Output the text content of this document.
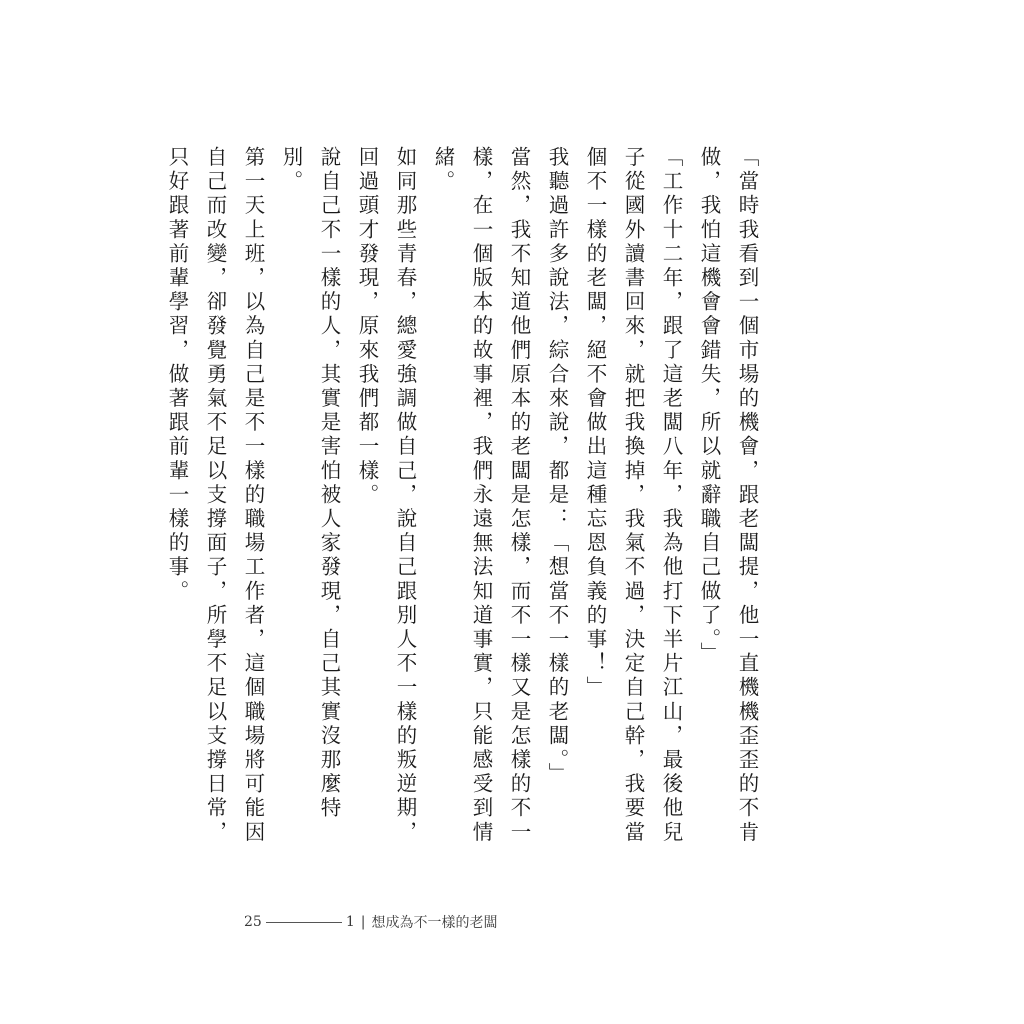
「當時我看到一個市場的機會，跟老闆提，他一直機機歪歪的不肯做，我怕這機會會錯失，所以就辭職自己做了。」

「工作十二年，跟了這老闆八年，我為他打下半片江山，最後他兒子從國外讀書回來，就把我換掉，我氣不過，決定自己幹，我要當個不一樣的老闆，絕不會做出這種忘恩負義的事！」

我聽過許多說法，綜合來說，都是：「想當不一樣的老闆。」

當然，我不知道他們原本的老闆是怎樣，而不一樣又是怎樣的不一樣，在一個版本的故事裡，我們永遠無法知道事實，只能感受到情緒。

如同那些青春，總愛強調做自己，說自己跟別人不一樣的叛逆期，回過頭才發現，原來我們都一樣。

說自己不一樣的人，其實是害怕被人家發現，自己其實沒那麼特別。

第一天上班，以為自己是不一樣的職場工作者，這個職場將可能因自己而改變，卻發覺勇氣不足以支撐面子，所學不足以支撐日常，只好跟著前輩學習，做著跟前輩一樣的事。

25	1 | 想成為不一樣的老闆
